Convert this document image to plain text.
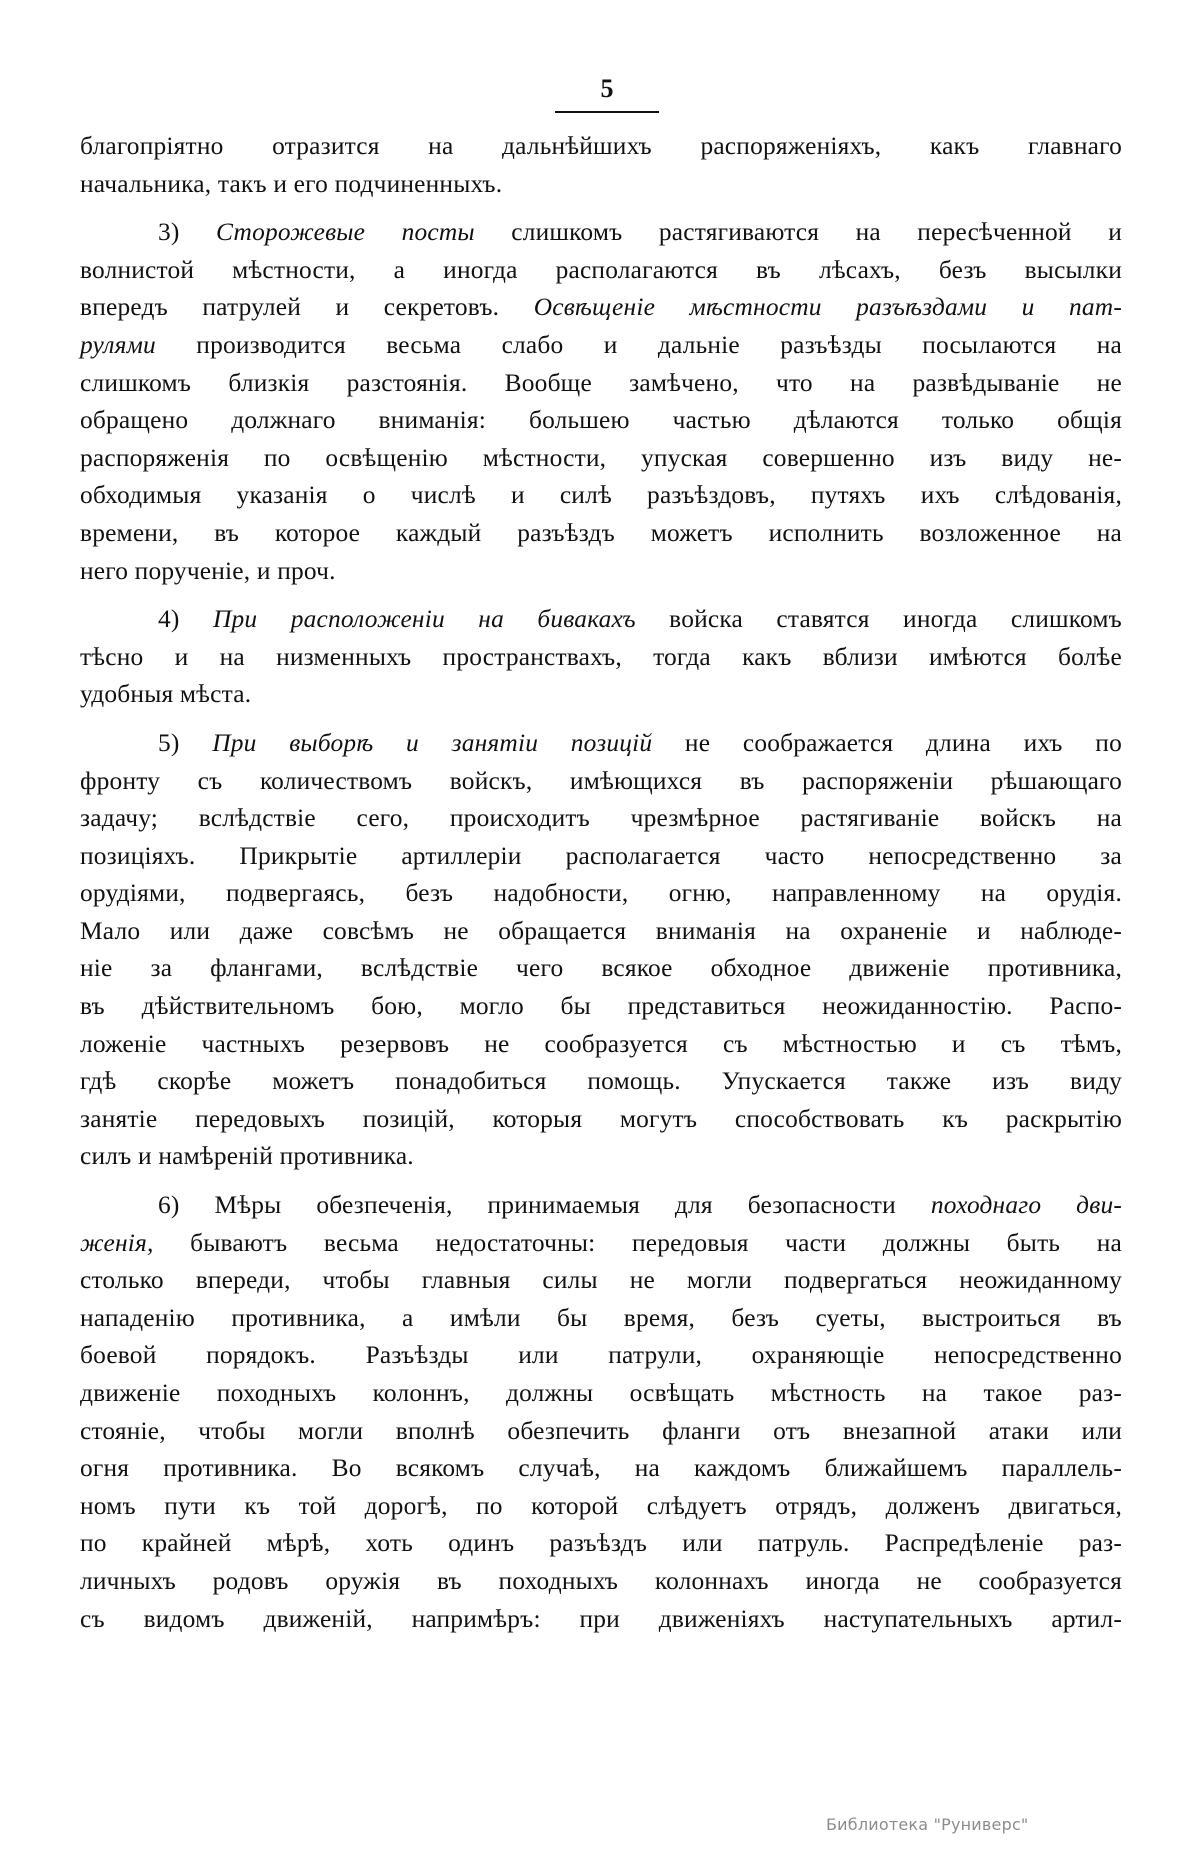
5
благопріятно отразится на дальнѣйшихъ распоряженіяхъ, какъ главнаго
начальника, такъ и его подчиненныхъ.
3) Сторожевые посты слишкомъ растягиваются на пересѣченной и
волнистой мѣстности, а иногда располагаются въ лѣсахъ, безъ высылки
впередъ патрулей и секретовъ. Освѣщеніе мѣстности разъѣздами и пат-
рулями производится весьма слабо и дальніе разъѣзды посылаются на
слишкомъ близкія разстоянія. Вообще замѣчено, что на развѣдываніе не
обращено должнаго вниманія: большею частью дѣлаются только общія
распоряженія по освѣщенію мѣстности, упуская совершенно изъ виду не-
обходимыя указанія о числѣ и силѣ разъѣздовъ, путяхъ ихъ слѣдованія,
времени, въ которое каждый разъѣздъ можетъ исполнить возложенное на
него порученіе, и проч.
4) При расположеніи на бивакахъ войска ставятся иногда слишкомъ
тѣсно и на низменныхъ пространствахъ, тогда какъ вблизи имѣются болѣе
удобныя мѣста.
5) При выборѣ и занятіи позицій не соображается длина ихъ по
фронту съ количествомъ войскъ, имѣющихся въ распоряженіи рѣшающаго
задачу; вслѣдствіе сего, происходитъ чрезмѣрное растягиваніе войскъ на
позиціяхъ. Прикрытіе артиллеріи располагается часто непосредственно за
орудіями, подвергаясь, безъ надобности, огню, направленному на орудія.
Мало или даже совсѣмъ не обращается вниманія на охраненіе и наблюде-
ніе за флангами, вслѣдствіе чего всякое обходное движеніе противника,
въ дѣйствительномъ бою, могло бы представиться неожиданностію. Распо-
ложеніе частныхъ резервовъ не сообразуется съ мѣстностью и съ тѣмъ,
гдѣ скорѣе можетъ понадобиться помощь. Упускается также изъ виду
занятіе передовыхъ позицій, которыя могутъ способствовать къ раскрытію
силъ и намѣреній противника.
6) Мѣры обезпеченія, принимаемыя для безопасности походнаго дви-
женія, бываютъ весьма недостаточны: передовыя части должны быть на
столько впереди, чтобы главныя силы не могли подвергаться неожиданному
нападенію противника, а имѣли бы время, безъ суеты, выстроиться въ
боевой порядокъ. Разъѣзды или патрули, охраняющіе непосредственно
движеніе походныхъ колоннъ, должны освѣщать мѣстность на такое раз-
стояніе, чтобы могли вполнѣ обезпечить фланги отъ внезапной атаки или
огня противника. Во всякомъ случаѣ, на каждомъ ближайшемъ параллель-
номъ пути къ той дорогѣ, по которой слѣдуетъ отрядъ, долженъ двигаться,
по крайней мѣрѣ, хоть одинъ разъѣздъ или патруль. Распредѣленіе раз-
личныхъ родовъ оружія въ походныхъ колоннахъ иногда не сообразуется
съ видомъ движеній, напримѣръ: при движеніяхъ наступательныхъ артил-
Библиотека "Руниверс"
